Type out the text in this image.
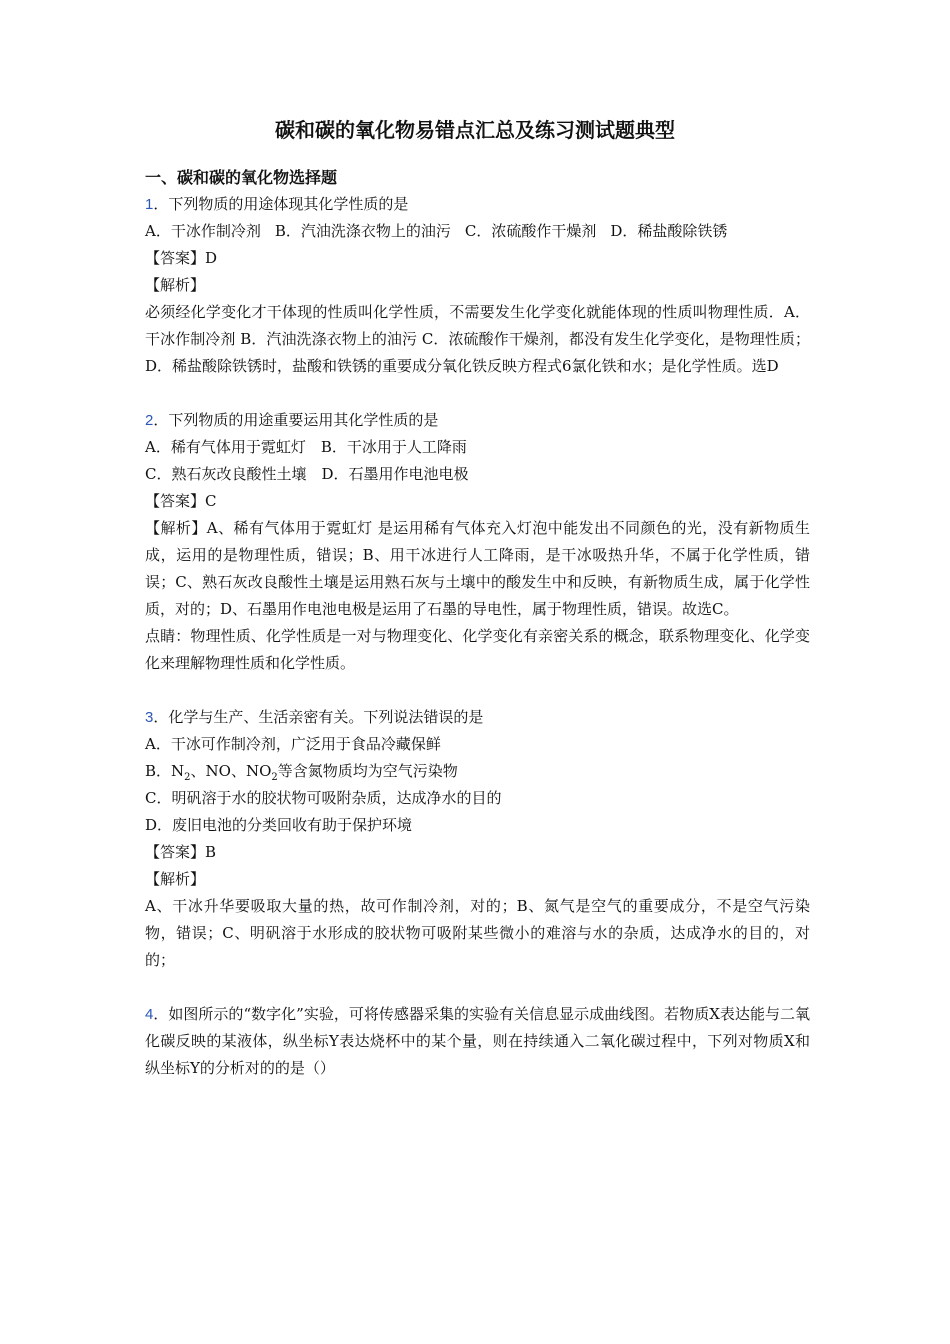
碳和碳的氧化物易错点汇总及练习测试题典型
一、碳和碳的氧化物选择题
1．下列物质的用途体现其化学性质的是
A．干冰作制冷剂 B．汽油洗涤衣物上的油污 C．浓硫酸作干燥剂 D．稀盐酸除铁锈
【答案】D
【解析】
必须经化学变化才干体现的性质叫化学性质，不需要发生化学变化就能体现的性质叫物理性质．A．干冰作制冷剂 B．汽油洗涤衣物上的油污 C．浓硫酸作干燥剂，都没有发生化学变化，是物理性质； D．稀盐酸除铁锈时，盐酸和铁锈的重要成分氧化铁反映方程式6氯化铁和水；是化学性质。选D
2．下列物质的用途重要运用其化学性质的是
A．稀有气体用于霓虹灯　B．干冰用于人工降雨
C．熟石灰改良酸性土壤　D．石墨用作电池电极
【答案】C
【解析】A、稀有气体用于霓虹灯 是运用稀有气体充入灯泡中能发出不同颜色的光，没有新物质生成，运用的是物理性质，错误；B、用干冰进行人工降雨，是干冰吸热升华，不属于化学性质，错误；C、熟石灰改良酸性土壤是运用熟石灰与土壤中的酸发生中和反映，有新物质生成，属于化学性质，对的；D、石墨用作电池电极是运用了石墨的导电性，属于物理性质，错误。故选C。
点睛：物理性质、化学性质是一对与物理变化、化学变化有亲密关系的概念，联系物理变化、化学变化来理解物理性质和化学性质。
3．化学与生产、生活亲密有关。下列说法错误的是
A．干冰可作制冷剂，广泛用于食品冷藏保鲜
B．$N_2$、NO、$NO_2$等含氮物质均为空气污染物
C．明矾溶于水的胶状物可吸附杂质，达成净水的目的
D．废旧电池的分类回收有助于保护环境
【答案】B
【解析】
A、干冰升华要吸取大量的热，故可作制冷剂，对的；B、氮气是空气的重要成分，不是空气污染物，错误；C、明矾溶于水形成的胶状物可吸附某些微小的难溶与水的杂质，达成净水的目的，对的；
4．如图所示的“数字化”实验，可将传感器采集的实验有关信息显示成曲线图。若物质X表达能与二氧化碳反映的某液体，纵坐标Y表达烧杯中的某个量，则在持续通入二氧化碳过程中，下列对物质X和纵坐标Y的分析对的的是（）
